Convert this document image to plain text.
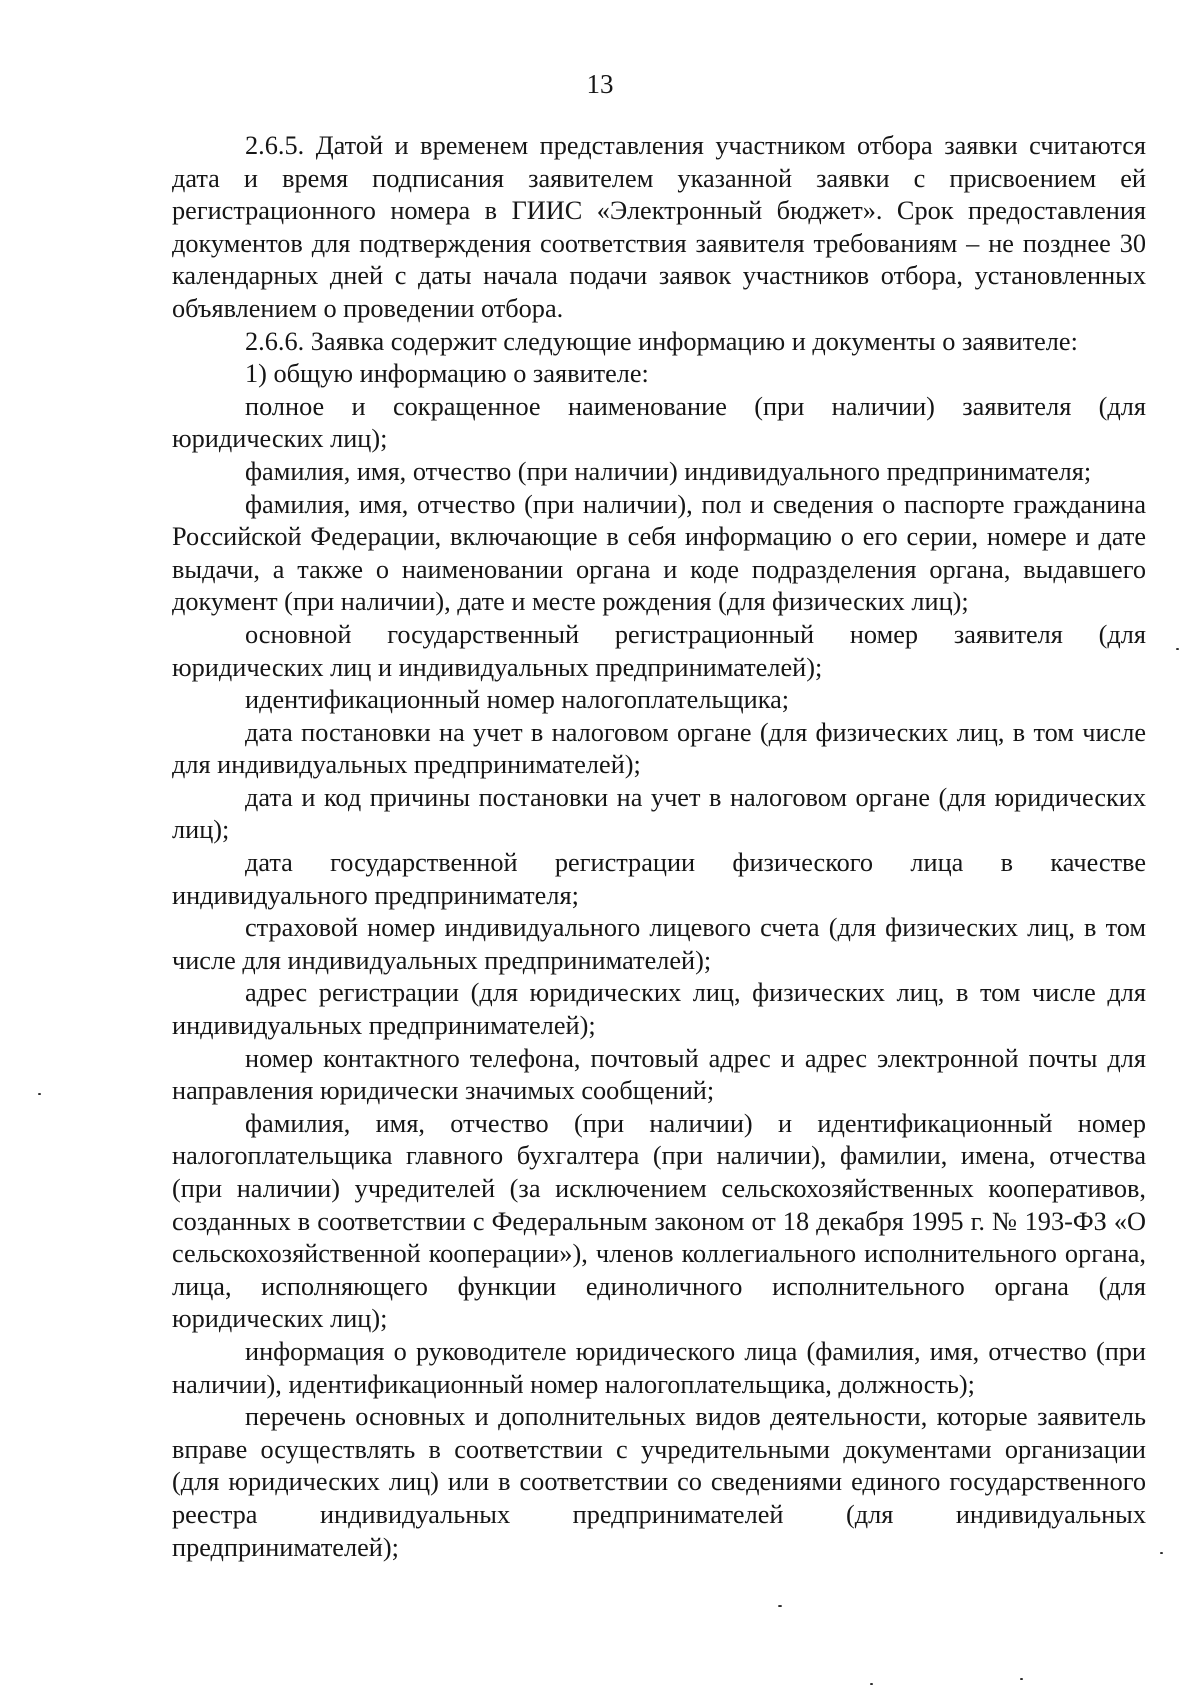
13

2.6.5. Датой и временем представления участником отбора заявки считаются дата и время подписания заявителем указанной заявки с присвоением ей регистрационного номера в ГИИС «Электронный бюджет». Срок предоставления документов для подтверждения соответствия заявителя требованиям – не позднее 30 календарных дней с даты начала подачи заявок участников отбора, установленных объявлением о проведении отбора.

2.6.6. Заявка содержит следующие информацию и документы о заявителе:

1) общую информацию о заявителе:

полное и сокращенное наименование (при наличии) заявителя (для юридических лиц);

фамилия, имя, отчество (при наличии) индивидуального предпринимателя;

фамилия, имя, отчество (при наличии), пол и сведения о паспорте гражданина Российской Федерации, включающие в себя информацию о его серии, номере и дате выдачи, а также о наименовании органа и коде подразделения органа, выдавшего документ (при наличии), дате и месте рождения (для физических лиц);

основной государственный регистрационный номер заявителя (для юридических лиц и индивидуальных предпринимателей);

идентификационный номер налогоплательщика;

дата постановки на учет в налоговом органе (для физических лиц, в том числе для индивидуальных предпринимателей);

дата и код причины постановки на учет в налоговом органе (для юридических лиц);

дата государственной регистрации физического лица в качестве индивидуального предпринимателя;

страховой номер индивидуального лицевого счета (для физических лиц, в том числе для индивидуальных предпринимателей);

адрес регистрации (для юридических лиц, физических лиц, в том числе для индивидуальных предпринимателей);

номер контактного телефона, почтовый адрес и адрес электронной почты для направления юридически значимых сообщений;

фамилия, имя, отчество (при наличии) и идентификационный номер налогоплательщика главного бухгалтера (при наличии), фамилии, имена, отчества (при наличии) учредителей (за исключением сельскохозяйственных кооперативов, созданных в соответствии с Федеральным законом от 18 декабря 1995 г. № 193-ФЗ «О сельскохозяйственной кооперации»), членов коллегиального исполнительного органа, лица, исполняющего функции единоличного исполнительного органа (для юридических лиц);

информация о руководителе юридического лица (фамилия, имя, отчество (при наличии), идентификационный номер налогоплательщика, должность);

перечень основных и дополнительных видов деятельности, которые заявитель вправе осуществлять в соответствии с учредительными документами организации (для юридических лиц) или в соответствии со сведениями единого государственного реестра индивидуальных предпринимателей (для индивидуальных предпринимателей);
